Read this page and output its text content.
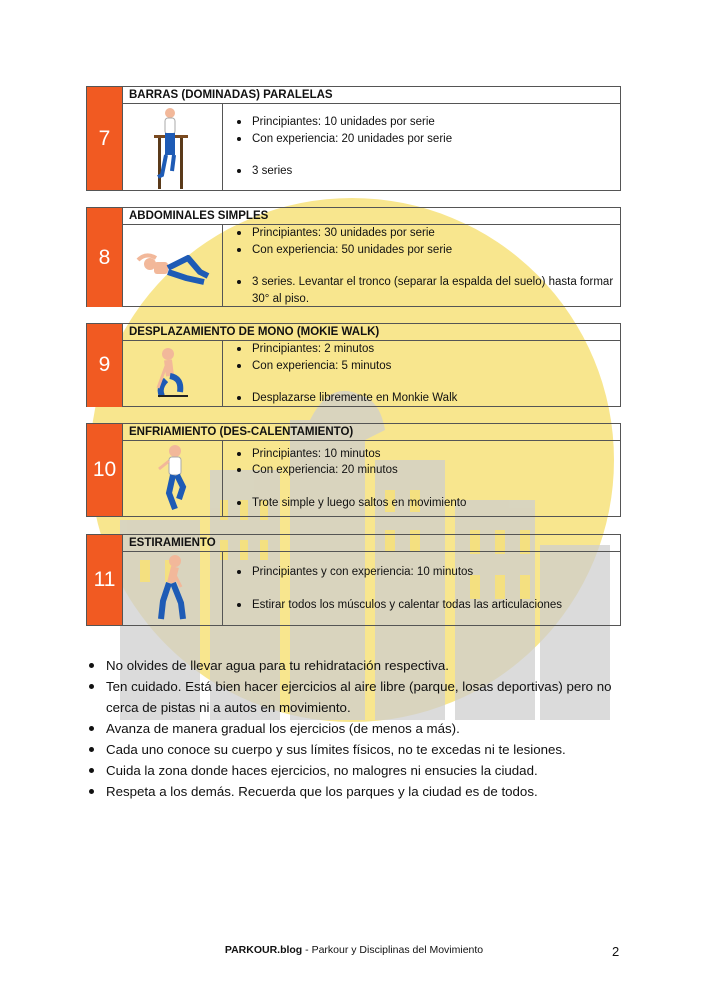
7
BARRAS (DOMINADAS) PARALELAS
Principiantes: 10 unidades por serie
Con experiencia: 20 unidades por serie
3 series
8
ABDOMINALES SIMPLES
Principiantes: 30 unidades por serie
Con experiencia: 50 unidades por serie
3 series. Levantar el tronco (separar la espalda del suelo) hasta formar 30° al piso.
9
DESPLAZAMIENTO DE MONO (MOKIE WALK)
Principiantes: 2 minutos
Con experiencia: 5 minutos
Desplazarse libremente en Monkie Walk
10
ENFRIAMIENTO (DES-CALENTAMIENTO)
Principiantes: 10 minutos
Con experiencia: 20 minutos
Trote simple y luego saltos en movimiento
11
ESTIRAMIENTO
Principiantes y con experiencia: 10 minutos
Estirar todos los músculos y calentar todas las articulaciones
No olvides de llevar agua para tu rehidratación respectiva.
Ten cuidado. Está bien hacer ejercicios al aire libre (parque, losas deportivas) pero no cerca de pistas ni a autos en movimiento.
Avanza de manera gradual los ejercicios (de menos a más).
Cada uno conoce su cuerpo y sus límites físicos, no te excedas ni te lesiones.
Cuida la zona donde haces ejercicios, no malogres ni ensucies la ciudad.
Respeta a los demás. Recuerda que los parques y la ciudad es de todos.
PARKOUR.blog - Parkour y Disciplinas del Movimiento	2
